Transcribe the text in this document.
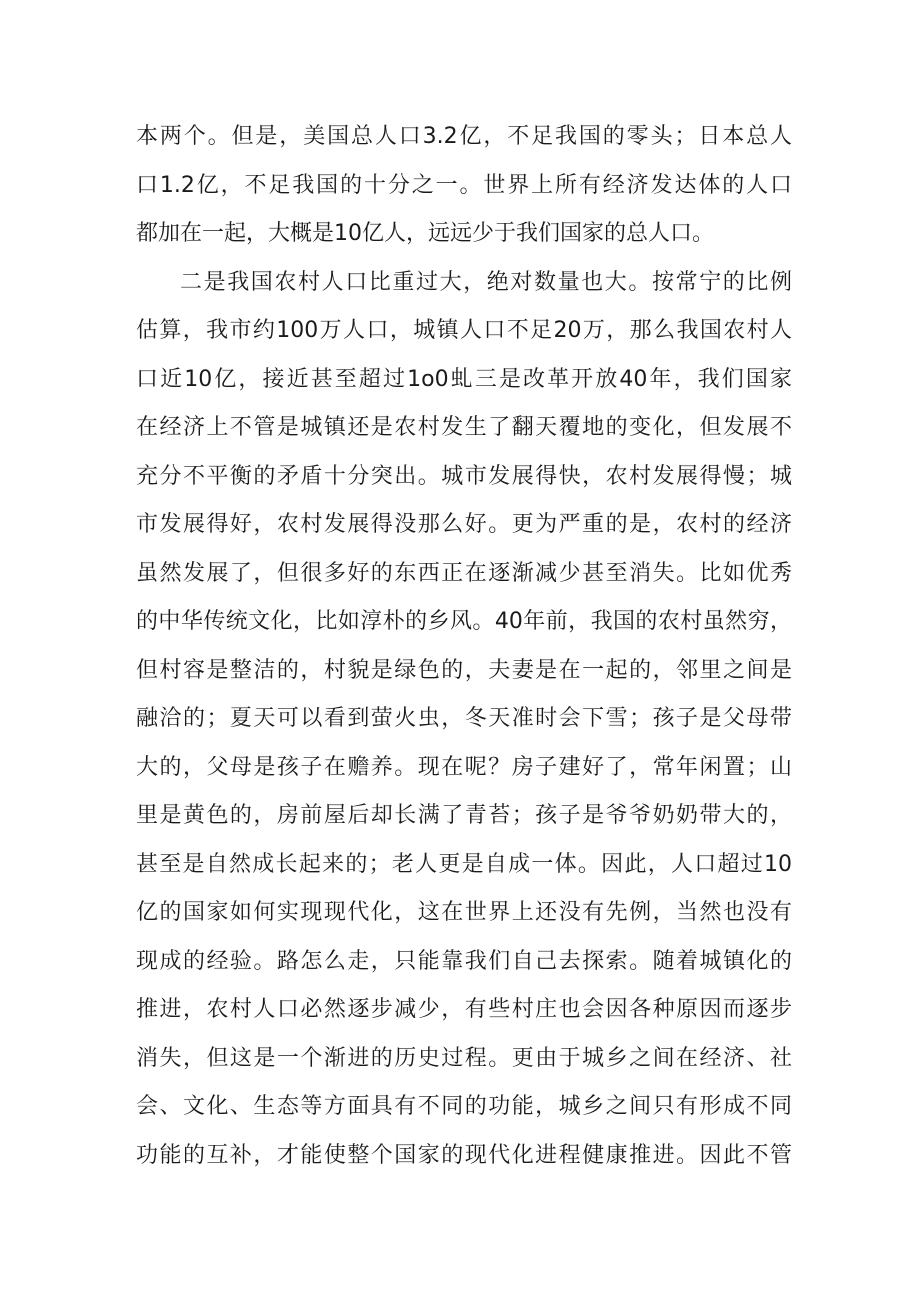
本两个。但是，美国总人口3.2亿，不足我国的零头；日本总人
口1.2亿，不足我国的十分之一。世界上所有经济发达体的人口
都加在一起，大概是10亿人，远远少于我们国家的总人口。
二是我国农村人口比重过大，绝对数量也大。按常宁的比例
估算，我市约100万人口，城镇人口不足20万，那么我国农村人
口近10亿，接近甚至超过1o0虬三是改革开放40年，我们国家
在经济上不管是城镇还是农村发生了翻天覆地的变化，但发展不
充分不平衡的矛盾十分突出。城市发展得快，农村发展得慢；城
市发展得好，农村发展得没那么好。更为严重的是，农村的经济
虽然发展了，但很多好的东西正在逐渐减少甚至消失。比如优秀
的中华传统文化，比如淳朴的乡风。40年前，我国的农村虽然穷，
但村容是整洁的，村貌是绿色的，夫妻是在一起的，邻里之间是
融洽的；夏天可以看到萤火虫，冬天准时会下雪；孩子是父母带
大的，父母是孩子在赡养。现在呢？房子建好了，常年闲置；山
里是黄色的，房前屋后却长满了青苔；孩子是爷爷奶奶带大的，
甚至是自然成长起来的；老人更是自成一体。因此，人口超过10
亿的国家如何实现现代化，这在世界上还没有先例，当然也没有
现成的经验。路怎么走，只能靠我们自己去探索。随着城镇化的
推进，农村人口必然逐步减少，有些村庄也会因各种原因而逐步
消失，但这是一个渐进的历史过程。更由于城乡之间在经济、社
会、文化、生态等方面具有不同的功能，城乡之间只有形成不同
功能的互补，才能使整个国家的现代化进程健康推进。因此不管
